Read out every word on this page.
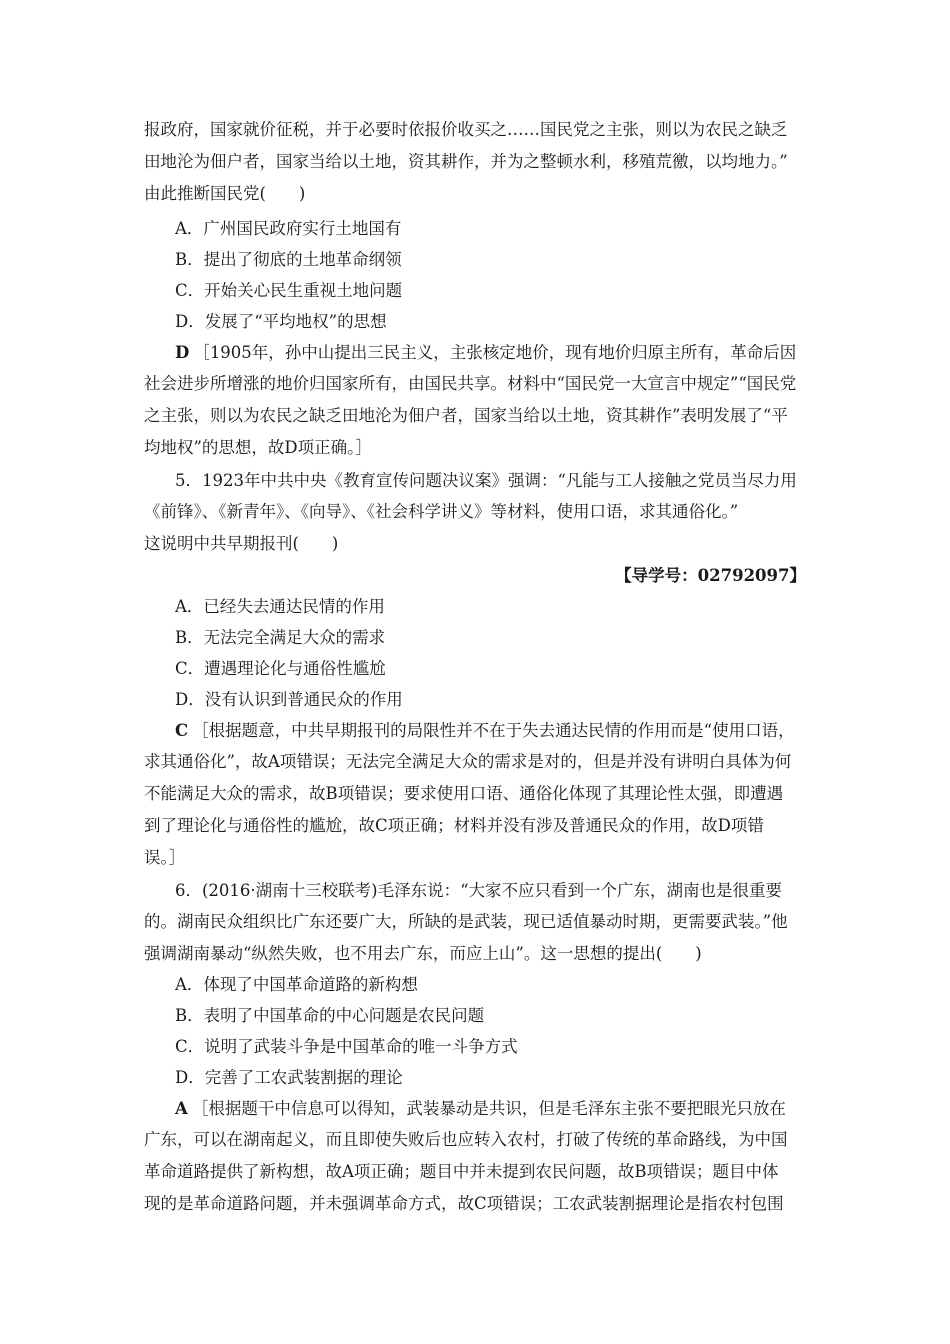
报政府，国家就价征税，并于必要时依报价收买之……国民党之主张，则以为农民之缺乏
田地沦为佃户者，国家当给以土地，资其耕作，并为之整顿水利，移殖荒徼，以均地力。”
由此推断国民党(　　)
A．广州国民政府实行土地国有
B．提出了彻底的土地革命纲领
C．开始关心民生重视土地问题
D．发展了“平均地权”的思想
D ［1905年，孙中山提出三民主义，主张核定地价，现有地价归原主所有，革命后因
社会进步所增涨的地价归国家所有，由国民共享。材料中“国民党一大宣言中规定”“国民党
之主张，则以为农民之缺乏田地沦为佃户者，国家当给以土地，资其耕作”表明发展了“平
均地权”的思想，故D项正确。］
5．1923年中共中央《教育宣传问题决议案》强调：“凡能与工人接触之党员当尽力用
《前锋》、《新青年》、《向导》、《社会科学讲义》等材料，使用口语，求其通俗化。”
这说明中共早期报刊(　　)
【导学号：02792097】
A．已经失去通达民情的作用
B．无法完全满足大众的需求
C．遭遇理论化与通俗性尴尬
D．没有认识到普通民众的作用
C ［根据题意，中共早期报刊的局限性并不在于失去通达民情的作用而是“使用口语，
求其通俗化”，故A项错误；无法完全满足大众的需求是对的，但是并没有讲明白具体为何
不能满足大众的需求，故B项错误；要求使用口语、通俗化体现了其理论性太强，即遭遇
到了理论化与通俗性的尴尬，故C项正确；材料并没有涉及普通民众的作用，故D项错
误。］
6．(2016·湖南十三校联考)毛泽东说：“大家不应只看到一个广东，湖南也是很重要
的。湖南民众组织比广东还要广大，所缺的是武装，现已适值暴动时期，更需要武装。”他
强调湖南暴动“纵然失败，也不用去广东，而应上山”。这一思想的提出(　　)
A．体现了中国革命道路的新构想
B．表明了中国革命的中心问题是农民问题
C．说明了武装斗争是中国革命的唯一斗争方式
D．完善了工农武装割据的理论
A ［根据题干中信息可以得知，武装暴动是共识，但是毛泽东主张不要把眼光只放在
广东，可以在湖南起义，而且即使失败后也应转入农村，打破了传统的革命路线，为中国
革命道路提供了新构想，故A项正确；题目中并未提到农民问题，故B项错误；题目中体
现的是革命道路问题，并未强调革命方式，故C项错误；工农武装割据理论是指农村包围
